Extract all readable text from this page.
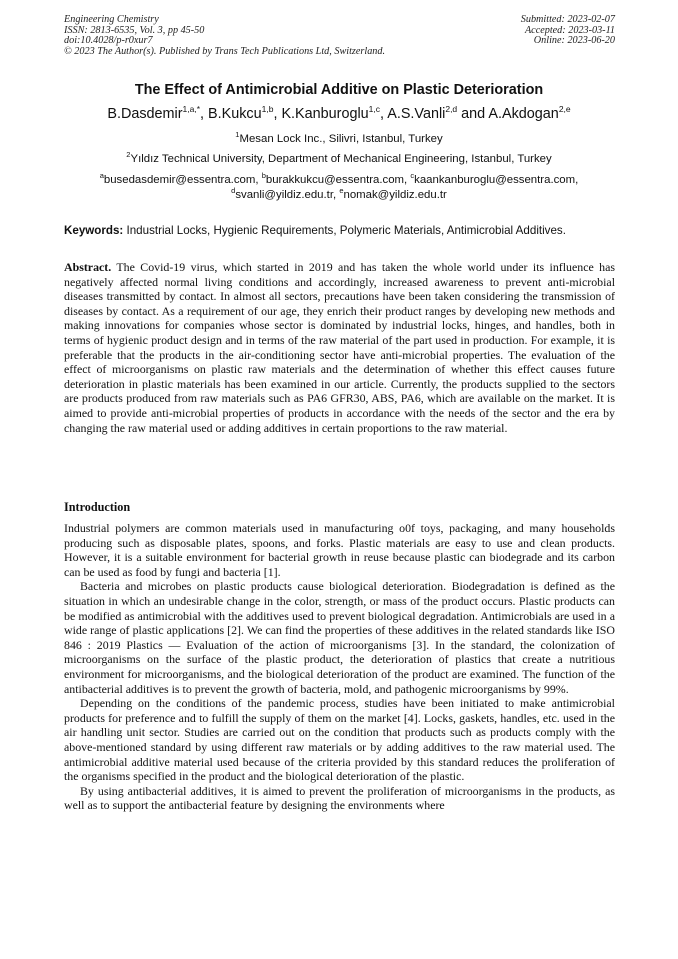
Engineering Chemistry
ISSN: 2813-6535, Vol. 3, pp 45-50
doi:10.4028/p-r0xur7
© 2023 The Author(s). Published by Trans Tech Publications Ltd, Switzerland.
Submitted: 2023-02-07
Accepted: 2023-03-11
Online: 2023-06-20
The Effect of Antimicrobial Additive on Plastic Deterioration
B.Dasdemir$^{1,a,*}$, B.Kukcu$^{1,b}$, K.Kanburoglu$^{1,c}$, A.S.Vanli$^{2,d}$ and A.Akdogan$^{2,e}$
$^1$Mesan Lock Inc., Silivri, Istanbul, Turkey
$^2$Yıldız Technical University, Department of Mechanical Engineering, Istanbul, Turkey
$^a$busedasdemir@essentra.com, $^b$burakkukcu@essentra.com, $^c$kaankanburoglu@essentra.com,
$^d$svanli@yildiz.edu.tr, $^e$nomak@yildiz.edu.tr
Keywords: Industrial Locks, Hygienic Requirements, Polymeric Materials, Antimicrobial Additives.
Abstract. The Covid-19 virus, which started in 2019 and has taken the whole world under its influence has negatively affected normal living conditions and accordingly, increased awareness to prevent anti-microbial diseases transmitted by contact. In almost all sectors, precautions have been taken considering the transmission of diseases by contact. As a requirement of our age, they enrich their product ranges by developing new methods and making innovations for companies whose sector is dominated by industrial locks, hinges, and handles, both in terms of hygienic product design and in terms of the raw material of the part used in production. For example, it is preferable that the products in the air-conditioning sector have anti-microbial properties. The evaluation of the effect of microorganisms on plastic raw materials and the determination of whether this effect causes future deterioration in plastic materials has been examined in our article. Currently, the products supplied to the sectors are products produced from raw materials such as PA6 GFR30, ABS, PA6, which are available on the market. It is aimed to provide anti-microbial properties of products in accordance with the needs of the sector and the era by changing the raw material used or adding additives in certain proportions to the raw material.
Introduction

Industrial polymers are common materials used in manufacturing o0f toys, packaging, and many households producing such as disposable plates, spoons, and forks. Plastic materials are easy to use and clean products. However, it is a suitable environment for bacterial growth in reuse because plastic can biodegrade and its carbon can be used as food by fungi and bacteria [1].

Bacteria and microbes on plastic products cause biological deterioration. Biodegradation is defined as the situation in which an undesirable change in the color, strength, or mass of the product occurs. Plastic products can be modified as antimicrobial with the additives used to prevent biological degradation. Antimicrobials are used in a wide range of plastic applications [2]. We can find the properties of these additives in the related standards like ISO 846 : 2019 Plastics — Evaluation of the action of microorganisms [3]. In the standard, the colonization of microorganisms on the surface of the plastic product, the deterioration of plastics that create a nutritious environment for microorganisms, and the biological deterioration of the product are examined. The function of the antibacterial additives is to prevent the growth of bacteria, mold, and pathogenic microorganisms by 99%.

Depending on the conditions of the pandemic process, studies have been initiated to make antimicrobial products for preference and to fulfill the supply of them on the market [4]. Locks, gaskets, handles, etc. used in the air handling unit sector. Studies are carried out on the condition that products such as products comply with the above-mentioned standard by using different raw materials or by adding additives to the raw material used. The antimicrobial additive material used because of the criteria provided by this standard reduces the proliferation of the organisms specified in the product and the biological deterioration of the plastic.

By using antibacterial additives, it is aimed to prevent the proliferation of microorganisms in the products, as well as to support the antibacterial feature by designing the environments where
